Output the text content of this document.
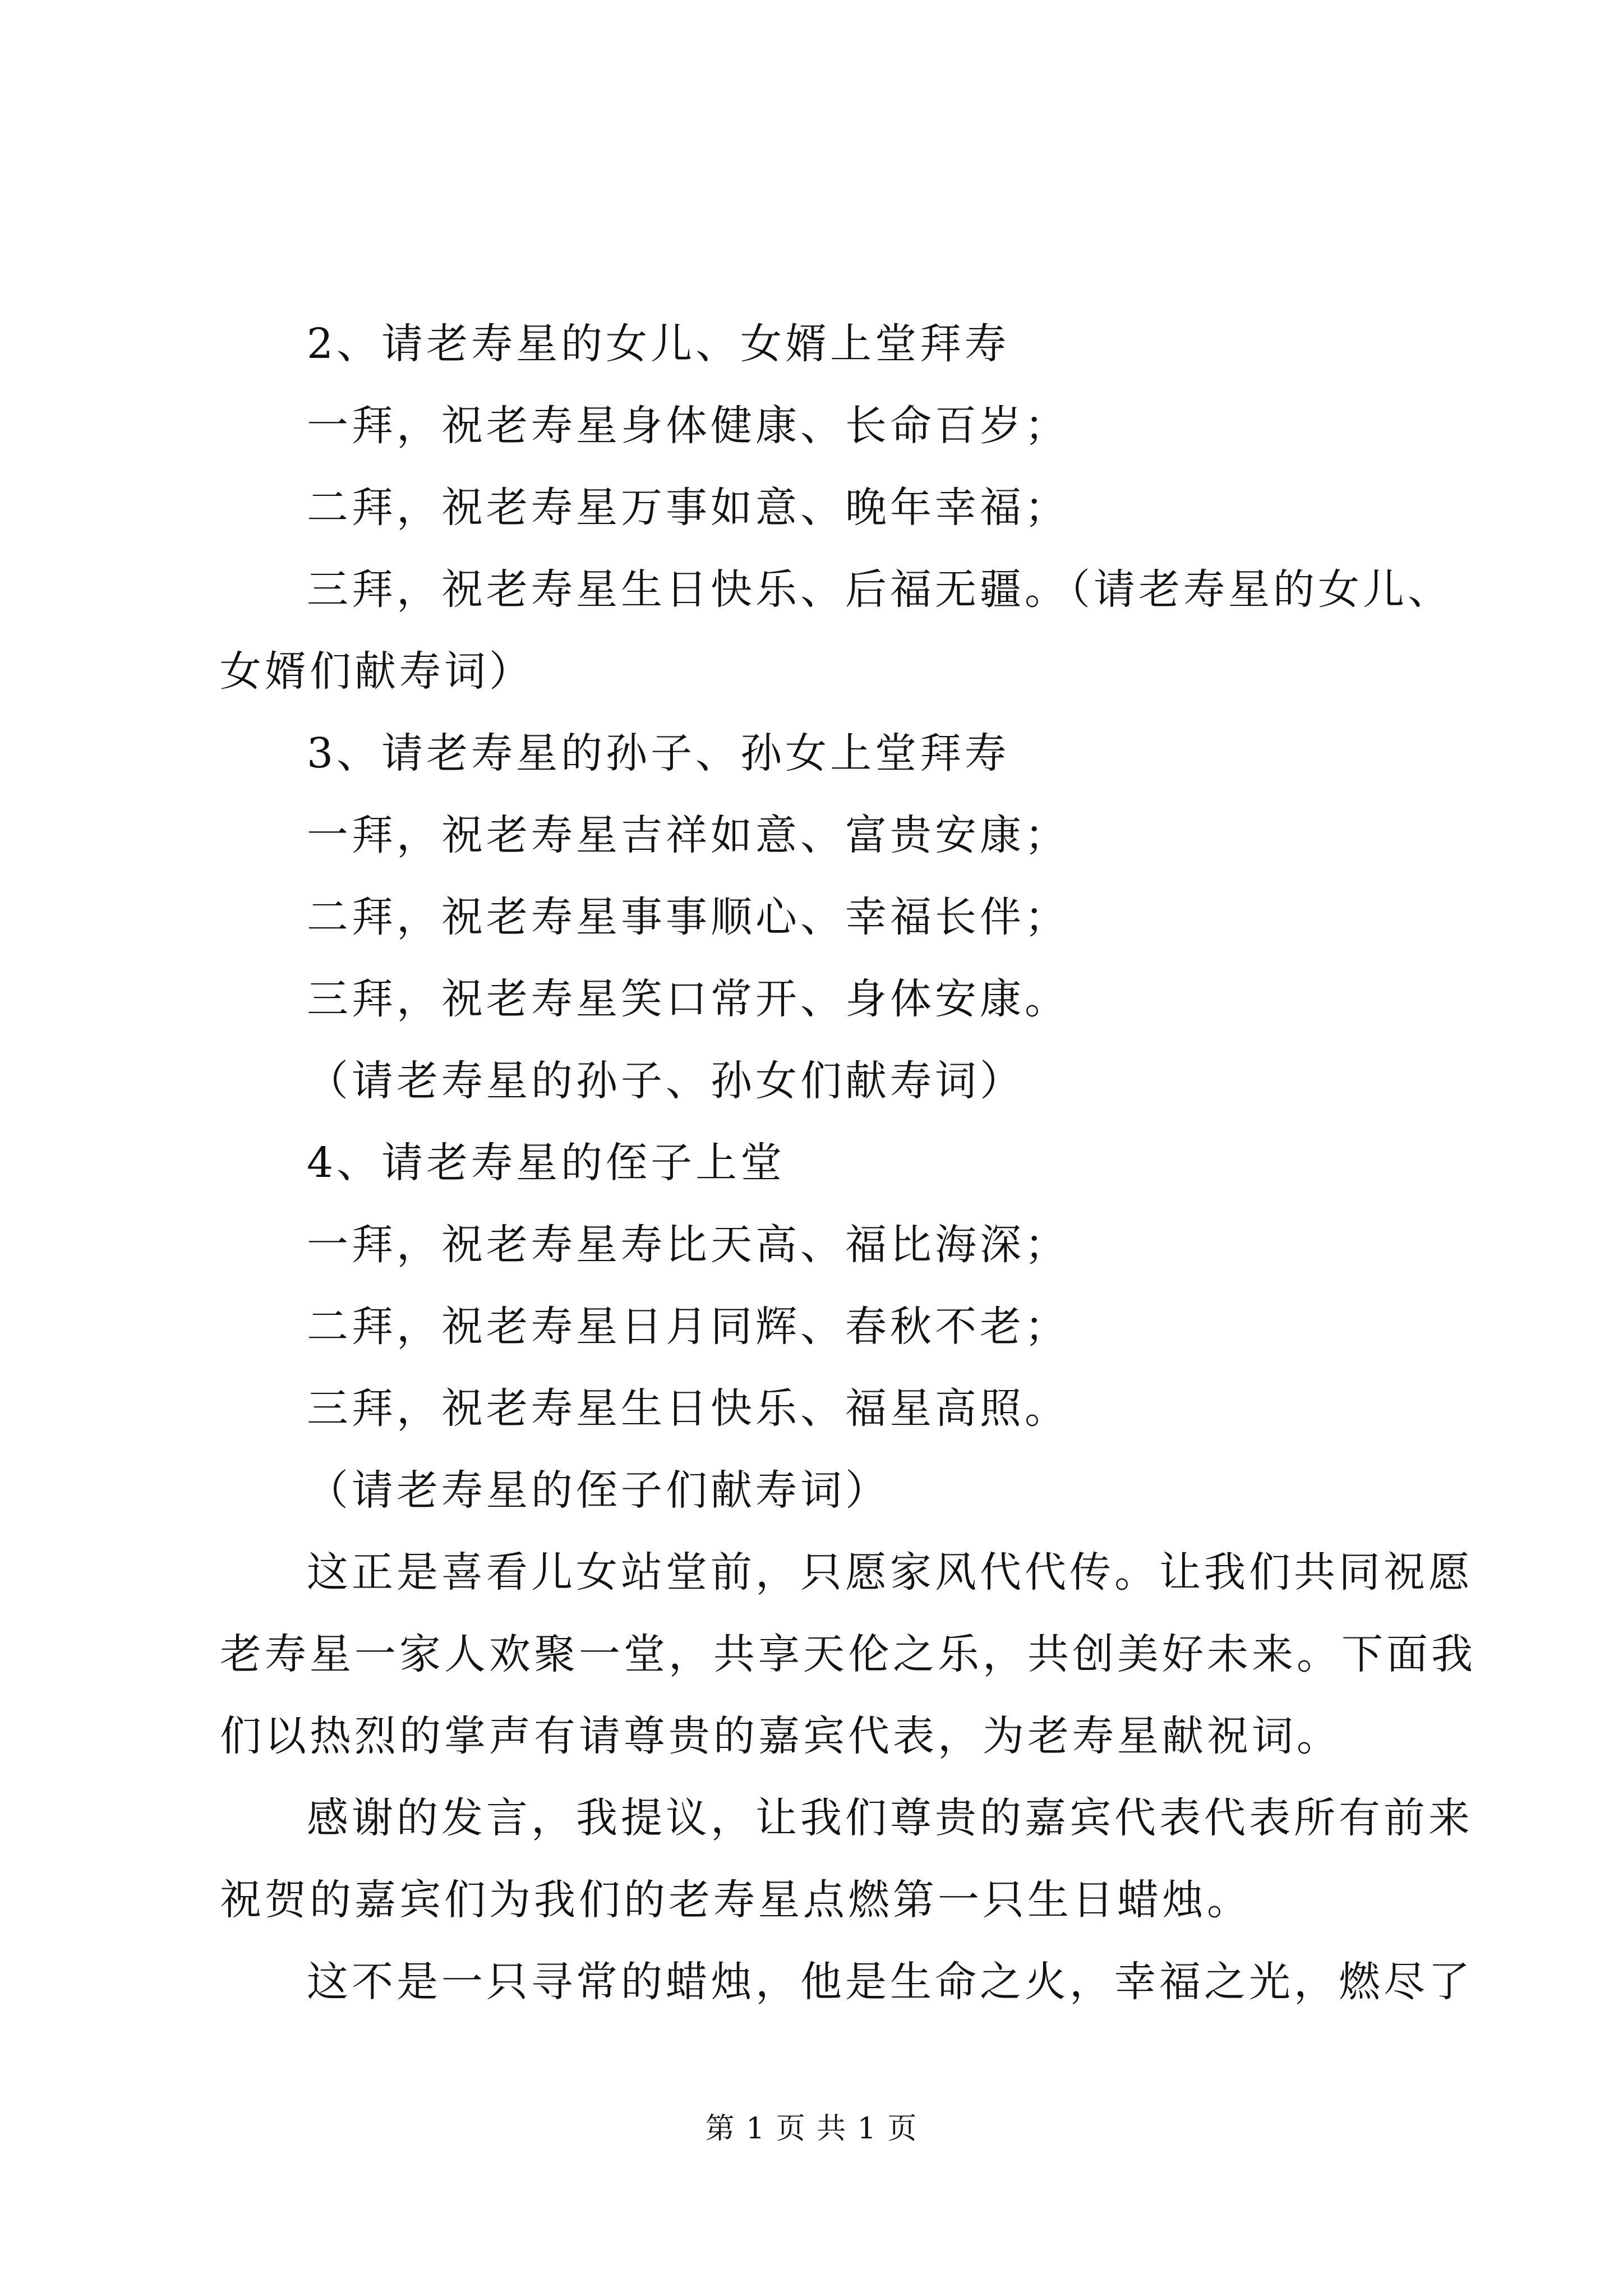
2、请老寿星的女儿、女婿上堂拜寿
一拜，祝老寿星身体健康、长命百岁；
二拜，祝老寿星万事如意、晚年幸福；
三拜，祝老寿星生日快乐、后福无疆。（请老寿星的女儿、
女婿们献寿词）
3、请老寿星的孙子、孙女上堂拜寿
一拜，祝老寿星吉祥如意、富贵安康；
二拜，祝老寿星事事顺心、幸福长伴；
三拜，祝老寿星笑口常开、身体安康。
（请老寿星的孙子、孙女们献寿词）
4、请老寿星的侄子上堂
一拜，祝老寿星寿比天高、福比海深；
二拜，祝老寿星日月同辉、春秋不老；
三拜，祝老寿星生日快乐、福星高照。
（请老寿星的侄子们献寿词）
这正是喜看儿女站堂前，只愿家风代代传。让我们共同祝愿
老寿星一家人欢聚一堂，共享天伦之乐，共创美好未来。下面我
们以热烈的掌声有请尊贵的嘉宾代表，为老寿星献祝词。
感谢的发言，我提议，让我们尊贵的嘉宾代表代表所有前来
祝贺的嘉宾们为我们的老寿星点燃第一只生日蜡烛。
这不是一只寻常的蜡烛，他是生命之火，幸福之光，燃尽了
第 1 页 共 1 页
